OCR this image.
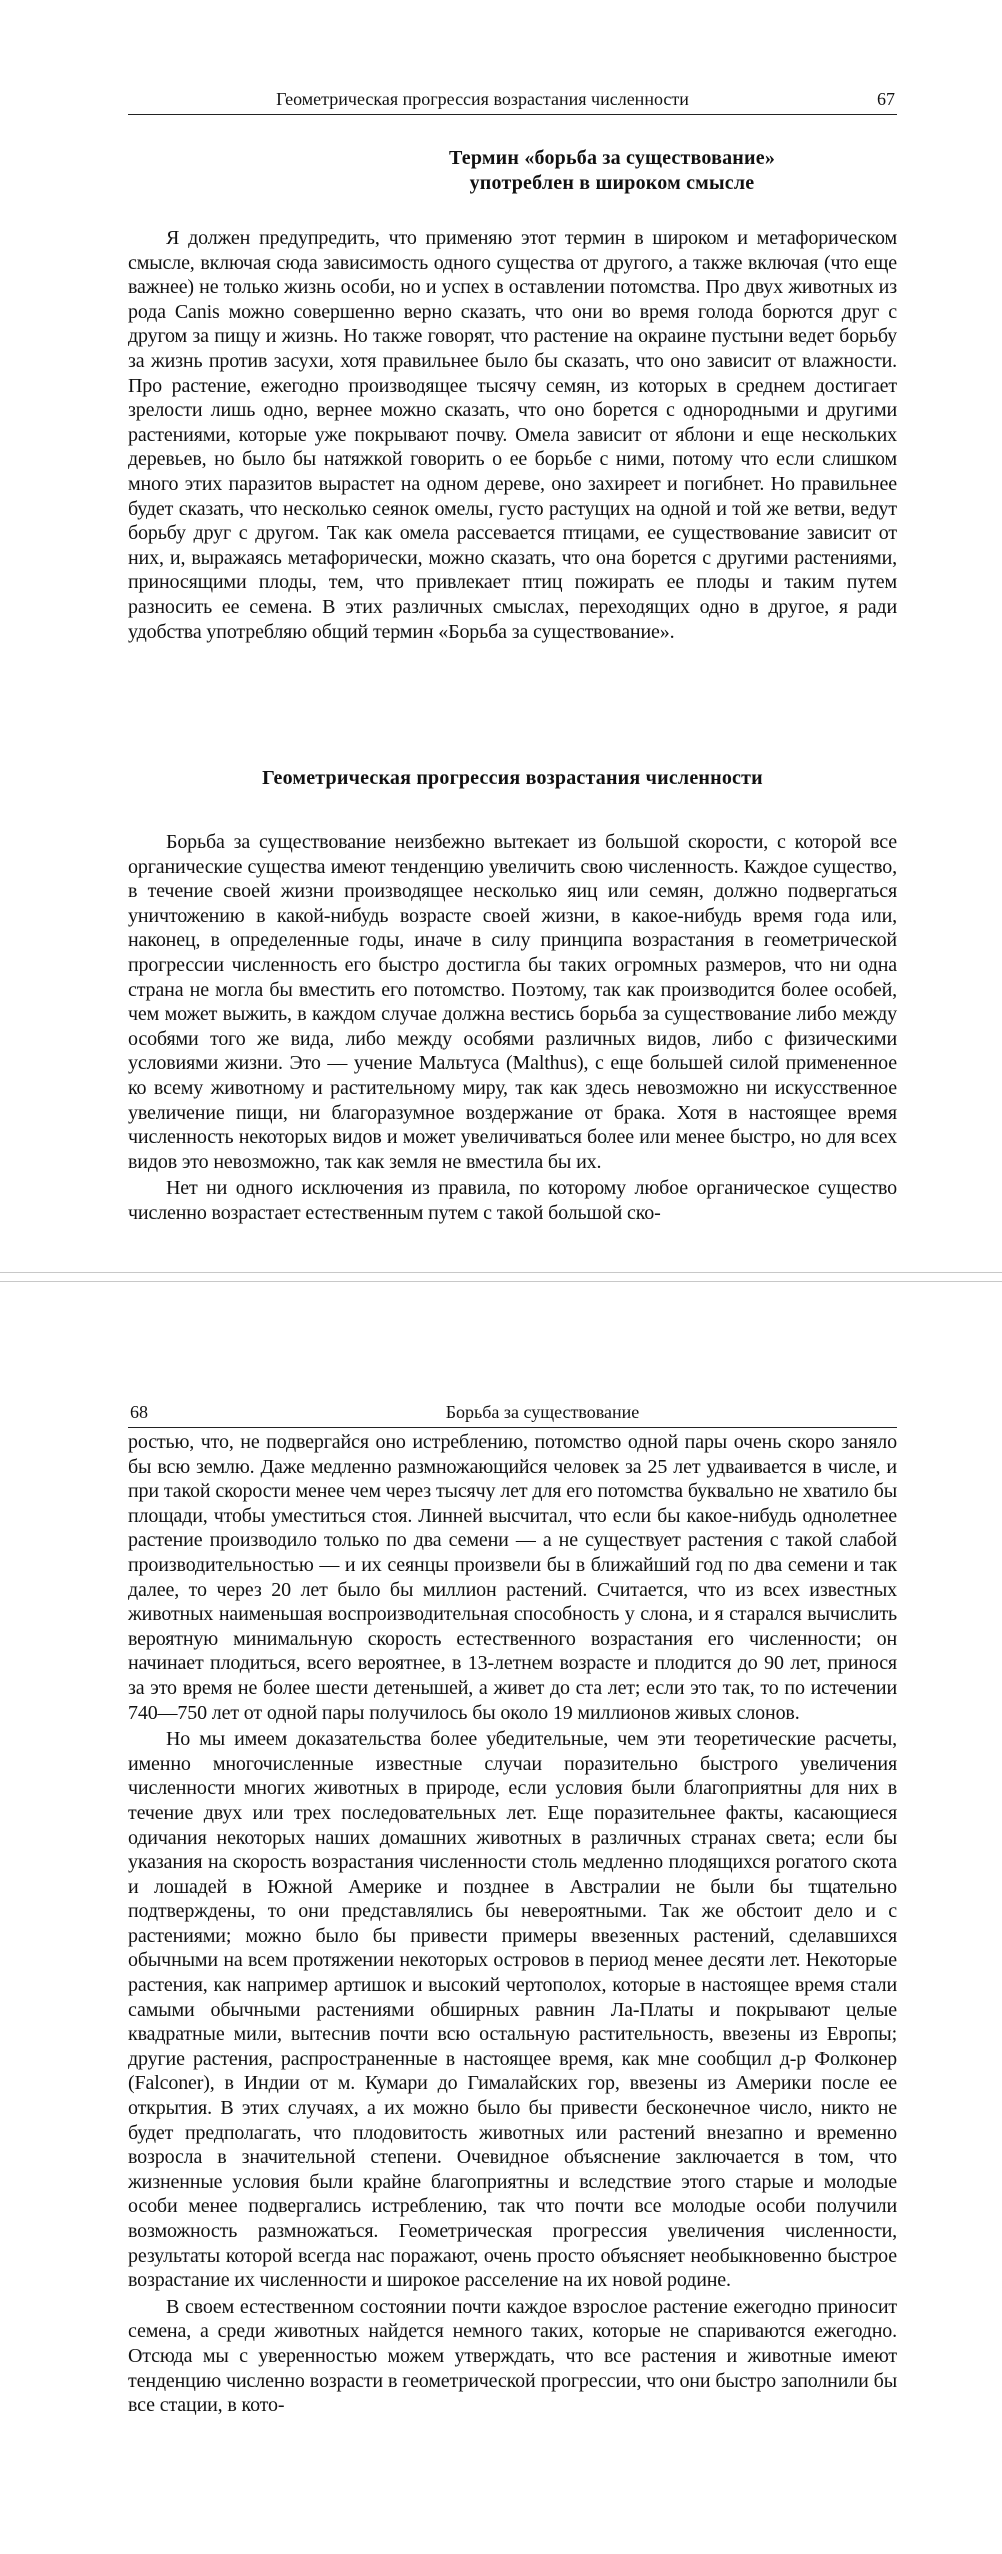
Геометрическая прогрессия возрастания численности	67
Термин «борьба за существование» употреблен в широком смысле

Я должен предупредить, что применяю этот термин в широком и метафорическом смысле, включая сюда зависимость одного существа от другого, а также включая (что еще важнее) не только жизнь особи, но и успех в оставлении потомства. Про двух животных из рода Canis можно совершенно верно сказать, что они во время голода борются друг с другом за пищу и жизнь. Но также говорят, что растение на окраине пустыни ведет борьбу за жизнь против засухи, хотя правильнее было бы сказать, что оно зависит от влажности. Про растение, ежегодно производящее тысячу семян, из которых в среднем достигает зрелости лишь одно, вернее можно сказать, что оно борется с однородными и другими растениями, которые уже покрывают почву. Омела зависит от яблони и еще нескольких деревьев, но было бы натяжкой говорить о ее борьбе с ними, потому что если слишком много этих паразитов вырастет на одном дереве, оно захиреет и погибнет. Но правильнее будет сказать, что несколько сеянок омелы, густо растущих на одной и той же ветви, ведут борьбу друг с другом. Так как омела рассевается птицами, ее существование зависит от них, и, выражаясь метафорически, можно сказать, что она борется с другими растениями, приносящими плоды, тем, что привлекает птиц пожирать ее плоды и таким путем разносить ее семена. В этих различных смыслах, переходящих одно в другое, я ради удобства употребляю общий термин «Борьба за существование».

Геометрическая прогрессия возрастания численности

Борьба за существование неизбежно вытекает из большой скорости, с которой все органические существа имеют тенденцию увеличить свою численность. Каждое существо, в течение своей жизни производящее несколько яиц или семян, должно подвергаться уничтожению в какой-нибудь возрасте своей жизни, в какое-нибудь время года или, наконец, в определенные годы, иначе в силу принципа возрастания в геометрической прогрессии численность его быстро достигла бы таких огромных размеров, что ни одна страна не могла бы вместить его потомство. Поэтому, так как производится более особей, чем может выжить, в каждом случае должна вестись борьба за существование либо между особями того же вида, либо между особями различных видов, либо с физическими условиями жизни. Это — учение Мальтуса (Malthus), с еще большей силой примененное ко всему животному и растительному миру, так как здесь невозможно ни искусственное увеличение пищи, ни благоразумное воздержание от брака. Хотя в настоящее время численность некоторых видов и может увеличиваться более или менее быстро, но для всех видов это невозможно, так как земля не вместила бы их.

Нет ни одного исключения из правила, по которому любое органическое существо численно возрастает естественным путем с такой большой ско-

68	Борьба за существование

ростью, что, не подвергайся оно истреблению, потомство одной пары очень скоро заняло бы всю землю. Даже медленно размножающийся человек за 25 лет удваивается в числе, и при такой скорости менее чем через тысячу лет для его потомства буквально не хватило бы площади, чтобы уместиться стоя. Линней высчитал, что если бы какое-нибудь однолетнее растение производило только по два семени — а не существует растения с такой слабой производительностью — и их сеянцы произвели бы в ближайший год по два семени и так далее, то через 20 лет было бы миллион растений. Считается, что из всех известных животных наименьшая воспроизводительная способность у слона, и я старался вычислить вероятную минимальную скорость естественного возрастания его численности; он начинает плодиться, всего вероятнее, в 13-летнем возрасте и плодится до 90 лет, принося за это время не более шести детенышей, а живет до ста лет; если это так, то по истечении 740—750 лет от одной пары получилось бы около 19 миллионов живых слонов.

Но мы имеем доказательства более убедительные, чем эти теоретические расчеты, именно многочисленные известные случаи поразительно быстрого увеличения численности многих животных в природе, если условия были благоприятны для них в течение двух или трех последовательных лет. Еще поразительнее факты, касающиеся одичания некоторых наших домашних животных в различных странах света; если бы указания на скорость возрастания численности столь медленно плодящихся рогатого скота и лошадей в Южной Америке и позднее в Австралии не были бы тщательно подтверждены, то они представлялись бы невероятными. Так же обстоит дело и с растениями; можно было бы привести примеры ввезенных растений, сделавшихся обычными на всем протяжении некоторых островов в период менее десяти лет. Некоторые растения, как например артишок и высокий чертополох, которые в настоящее время стали самыми обычными растениями обширных равнин Ла-Платы и покрывают целые квадратные мили, вытеснив почти всю остальную растительность, ввезены из Европы; другие растения, распространенные в настоящее время, как мне сообщил д-р Фолконер (Falconer), в Индии от м. Кумари до Гималайских гор, ввезены из Америки после ее открытия. В этих случаях, а их можно было бы привести бесконечное число, никто не будет предполагать, что плодовитость животных или растений внезапно и временно возросла в значительной степени. Очевидное объяснение заключается в том, что жизненные условия были крайне благоприятны и вследствие этого старые и молодые особи менее подвергались истреблению, так что почти все молодые особи получили возможность размножаться. Геометрическая прогрессия увеличения численности, результаты которой всегда нас поражают, очень просто объясняет необыкновенно быстрое возрастание их численности и широкое расселение на их новой родине.

В своем естественном состоянии почти каждое взрослое растение ежегодно приносит семена, а среди животных найдется немного таких, которые не спариваются ежегодно. Отсюда мы с уверенностью можем утверждать, что все растения и животные имеют тенденцию численно возрасти в геометрической прогрессии, что они быстро заполнили бы все стации, в кото-
